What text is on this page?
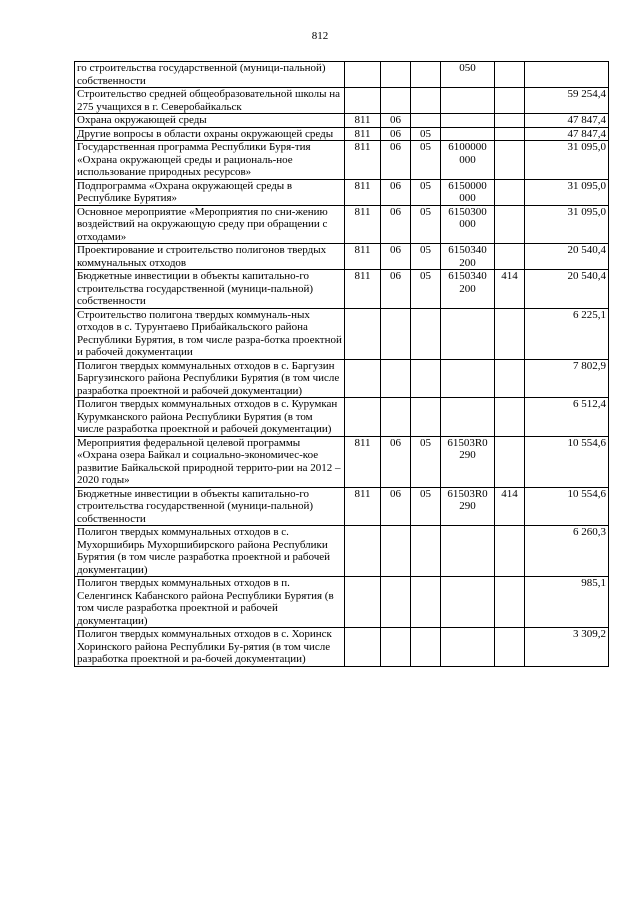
812
го строительства государственной (муници-пальной) собственности				050		
Строительство средней общеобразовательной школы на 275 учащихся в г. Северобайкальск						59 254,4
Охрана окружающей среды	811	06				47 847,4
Другие вопросы в области охраны окружающей среды	811	06	05			47 847,4
Государственная программа Республики Буря-тия «Охрана окружающей среды и рациональ-ное использование природных ресурсов»	811	06	05	6100000 000		31 095,0
Подпрограмма «Охрана окружающей среды в Республике Бурятия»	811	06	05	6150000 000		31 095,0
Основное мероприятие «Мероприятия по сни-жению воздействий на окружающую среду при обращении с отходами»	811	06	05	6150300 000		31 095,0
Проектирование и строительство полигонов твердых коммунальных отходов	811	06	05	6150340 200		20 540,4
Бюджетные инвестиции в объекты капитально-го строительства государственной (муници-пальной) собственности	811	06	05	6150340 200	414	20 540,4
Строительство полигона твердых коммуналь-ных отходов в с. Турунтаево Прибайкальского района Республики Бурятия, в том числе разра-ботка проектной и рабочей документации						6 225,1
Полигон твердых коммунальных отходов в с. Баргузин Баргузинского района Республики Бурятия (в том числе разработка проектной и рабочей документации)						7 802,9
Полигон твердых коммунальных отходов в с. Курумкан Курумканского района Республики Бурятия (в том числе разработка проектной и рабочей документации)						6 512,4
Мероприятия федеральной целевой программы «Охрана озера Байкал и социально-экономичес-кое развитие Байкальской природной террито-рии на 2012 – 2020 годы»	811	06	05	61503R0 290		10 554,6
Бюджетные инвестиции в объекты капитально-го строительства государственной (муници-пальной) собственности	811	06	05	61503R0 290	414	10 554,6
Полигон твердых коммунальных отходов в с. Мухоршибирь Мухоршибирского района Республики Бурятия (в том числе разработка проектной и рабочей документации)						6 260,3
Полигон твердых коммунальных отходов в п. Селенгинск Кабанского района Республики Бурятия (в том числе разработка проектной и рабочей документации)						985,1
Полигон твердых коммунальных отходов в с. Хоринск Хоринского района Республики Бу-рятия (в том числе разработка проектной и ра-бочей документации)						3 309,2
